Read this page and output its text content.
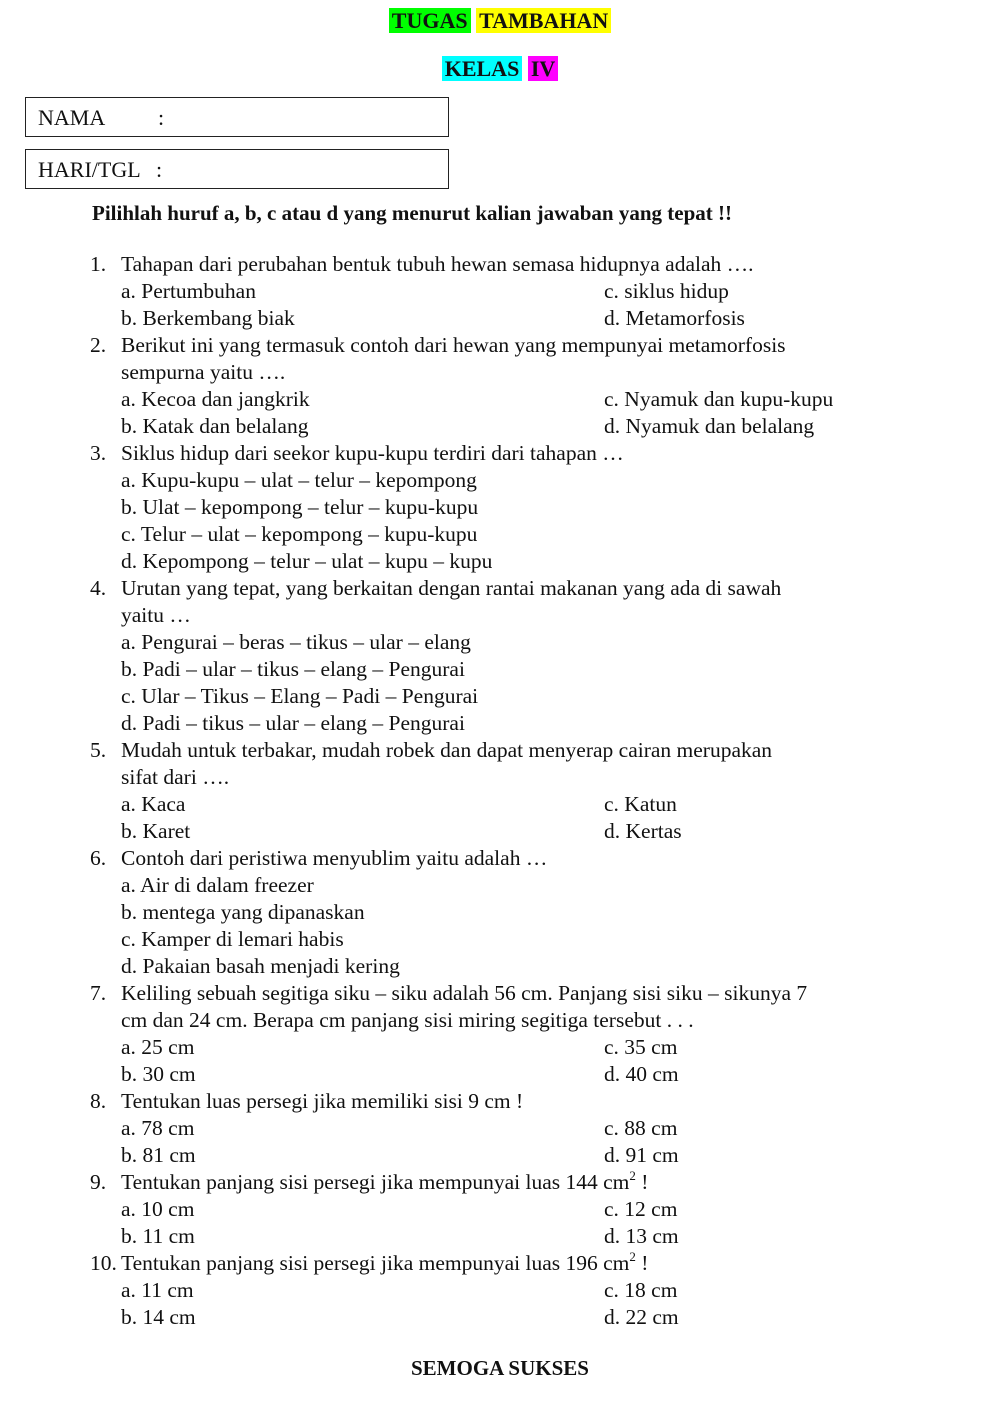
TUGAS TAMBAHAN
KELAS IV
NAMA :
HARI/TGL :
Pilihlah huruf a, b, c atau d yang menurut kalian jawaban yang tepat !!
1. Tahapan dari perubahan bentuk tubuh hewan semasa hidupnya adalah ….
a. Pertumbuhan	c. siklus hidup
b. Berkembang biak	d. Metamorfosis
2. Berikut ini yang termasuk contoh dari hewan yang mempunyai metamorfosis
sempurna yaitu ….
a. Kecoa dan jangkrik	c. Nyamuk dan kupu-kupu
b. Katak dan belalang	d. Nyamuk dan belalang
3. Siklus hidup dari seekor kupu-kupu terdiri dari tahapan …
a. Kupu-kupu – ulat – telur – kepompong
b. Ulat – kepompong – telur – kupu-kupu
c. Telur – ulat – kepompong – kupu-kupu
d. Kepompong – telur – ulat – kupu – kupu
4. Urutan yang tepat, yang berkaitan dengan rantai makanan yang ada di sawah
yaitu …
a. Pengurai – beras – tikus – ular – elang
b. Padi – ular – tikus – elang – Pengurai
c. Ular – Tikus – Elang – Padi – Pengurai
d. Padi – tikus – ular – elang – Pengurai
5. Mudah untuk terbakar, mudah robek dan dapat menyerap cairan merupakan
sifat dari ….
a. Kaca	c. Katun
b. Karet	d. Kertas
6. Contoh dari peristiwa menyublim yaitu adalah …
a. Air di dalam freezer
b. mentega yang dipanaskan
c. Kamper di lemari habis
d. Pakaian basah menjadi kering
7. Keliling sebuah segitiga siku – siku adalah 56 cm. Panjang sisi siku – sikunya 7
cm dan 24 cm. Berapa cm panjang sisi miring segitiga tersebut . . .
a. 25 cm	c. 35 cm
b. 30 cm	d. 40 cm
8. Tentukan luas persegi jika memiliki sisi 9 cm !
a. 78 cm	c. 88 cm
b. 81 cm	d. 91 cm
9. Tentukan panjang sisi persegi jika mempunyai luas 144 $cm^2$ !
a. 10 cm	c. 12 cm
b. 11 cm	d. 13 cm
10. Tentukan panjang sisi persegi jika mempunyai luas 196 $cm^2$ !
a. 11 cm	c. 18 cm
b. 14 cm	d. 22 cm
SEMOGA SUKSES
